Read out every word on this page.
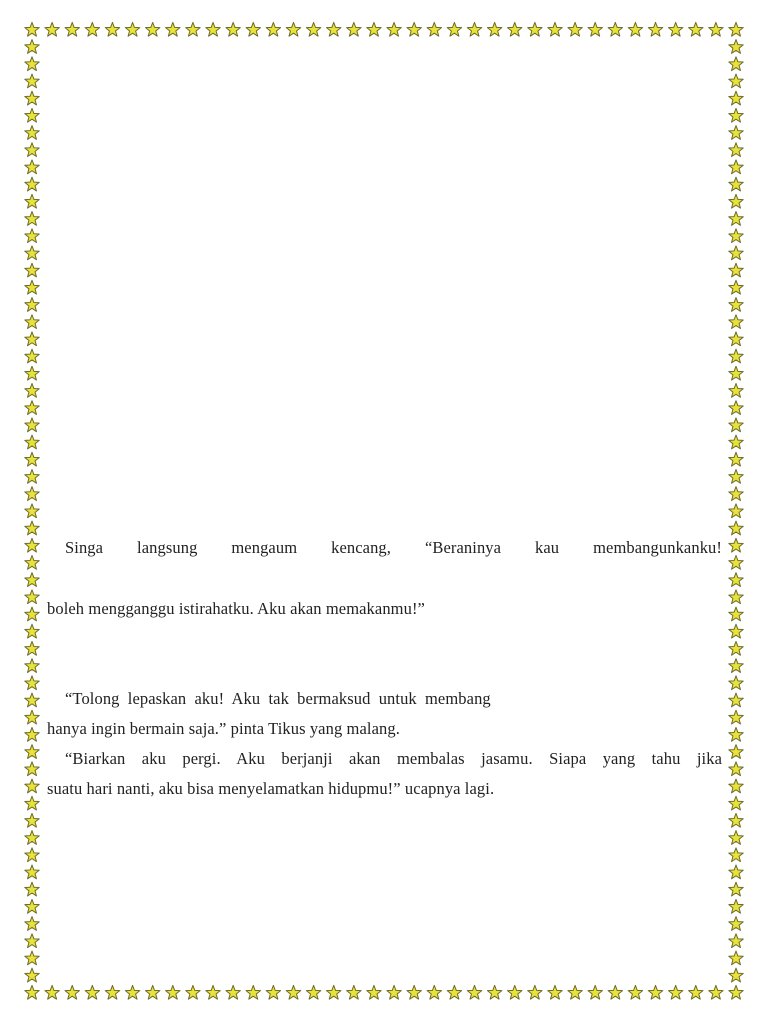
Singa langsung mengaum kencang, “Beraninya kau membangunkanku!
boleh mengganggu istirahatku. Aku akan memakanmu!”
“Tolong lepaskan aku! Aku tak bermaksud untuk membang
hanya ingin bermain saja.” pinta Tikus yang malang.
“Biarkan aku pergi. Aku berjanji akan membalas jasamu. Siapa yang tahu jika
suatu hari nanti, aku bisa menyelamatkan hidupmu!” ucapnya lagi.
